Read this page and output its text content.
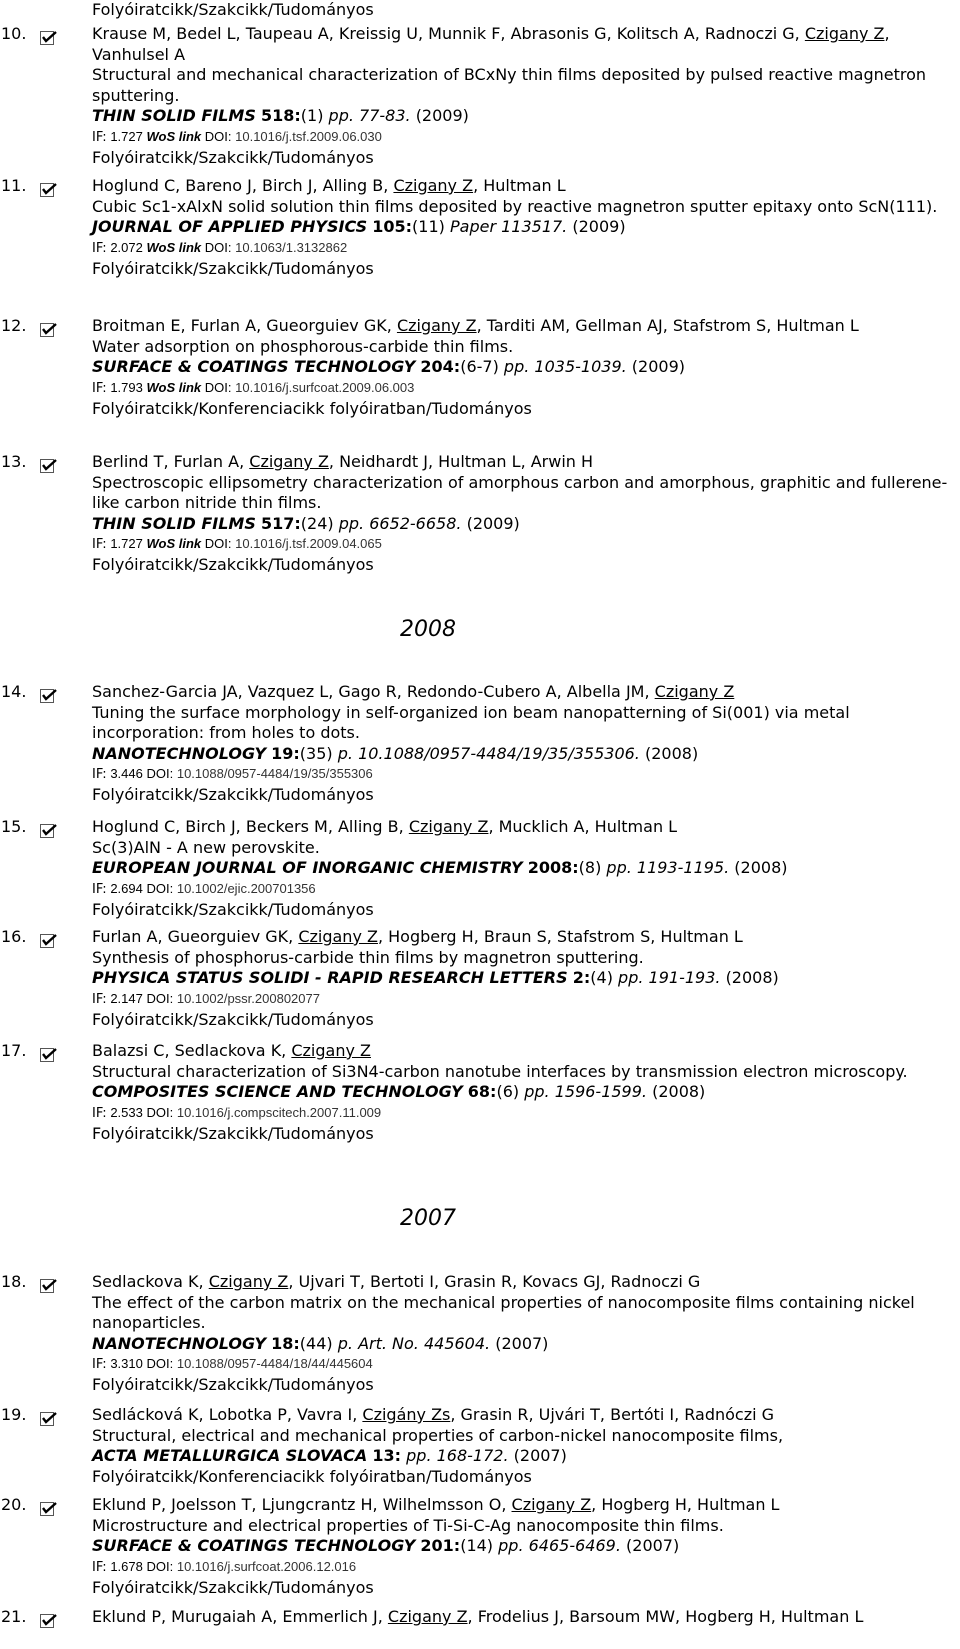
Folyóiratcikk/Szakcikk/Tudományos
10.	Krause M, Bedel L, Taupeau A, Kreissig U, Munnik F, Abrasonis G, Kolitsch A, Radnoczi G, Czigany Z, Vanhulsel A
Structural and mechanical characterization of BCxNy thin films deposited by pulsed reactive magnetron sputtering.
THIN SOLID FILMS 518:(1) pp. 77-83. (2009)
IF: 1.727 WoS link DOI: 10.1016/j.tsf.2009.06.030
Folyóiratcikk/Szakcikk/Tudományos
11.	Hoglund C, Bareno J, Birch J, Alling B, Czigany Z, Hultman L
Cubic Sc1-xAlxN solid solution thin films deposited by reactive magnetron sputter epitaxy onto ScN(111).
JOURNAL OF APPLIED PHYSICS 105:(11) Paper 113517. (2009)
IF: 2.072 WoS link DOI: 10.1063/1.3132862
Folyóiratcikk/Szakcikk/Tudományos
12.	Broitman E, Furlan A, Gueorguiev GK, Czigany Z, Tarditi AM, Gellman AJ, Stafstrom S, Hultman L
Water adsorption on phosphorous-carbide thin films.
SURFACE & COATINGS TECHNOLOGY 204:(6-7) pp. 1035-1039. (2009)
IF: 1.793 WoS link DOI: 10.1016/j.surfcoat.2009.06.003
Folyóiratcikk/Konferenciacikk folyóiratban/Tudományos
13.	Berlind T, Furlan A, Czigany Z, Neidhardt J, Hultman L, Arwin H
Spectroscopic ellipsometry characterization of amorphous carbon and amorphous, graphitic and fullerene-like carbon nitride thin films.
THIN SOLID FILMS 517:(24) pp. 6652-6658. (2009)
IF: 1.727 WoS link DOI: 10.1016/j.tsf.2009.04.065
Folyóiratcikk/Szakcikk/Tudományos
2008
14.	Sanchez-Garcia JA, Vazquez L, Gago R, Redondo-Cubero A, Albella JM, Czigany Z
Tuning the surface morphology in self-organized ion beam nanopatterning of Si(001) via metal incorporation: from holes to dots.
NANOTECHNOLOGY 19:(35) p. 10.1088/0957-4484/19/35/355306. (2008)
IF: 3.446 DOI: 10.1088/0957-4484/19/35/355306
Folyóiratcikk/Szakcikk/Tudományos
15.	Hoglund C, Birch J, Beckers M, Alling B, Czigany Z, Mucklich A, Hultman L
Sc(3)AlN - A new perovskite.
EUROPEAN JOURNAL OF INORGANIC CHEMISTRY 2008:(8) pp. 1193-1195. (2008)
IF: 2.694 DOI: 10.1002/ejic.200701356
Folyóiratcikk/Szakcikk/Tudományos
16.	Furlan A, Gueorguiev GK, Czigany Z, Hogberg H, Braun S, Stafstrom S, Hultman L
Synthesis of phosphorus-carbide thin films by magnetron sputtering.
PHYSICA STATUS SOLIDI - RAPID RESEARCH LETTERS 2:(4) pp. 191-193. (2008)
IF: 2.147 DOI: 10.1002/pssr.200802077
Folyóiratcikk/Szakcikk/Tudományos
17.	Balazsi C, Sedlackova K, Czigany Z
Structural characterization of Si3N4-carbon nanotube interfaces by transmission electron microscopy.
COMPOSITES SCIENCE AND TECHNOLOGY 68:(6) pp. 1596-1599. (2008)
IF: 2.533 DOI: 10.1016/j.compscitech.2007.11.009
Folyóiratcikk/Szakcikk/Tudományos
2007
18.	Sedlackova K, Czigany Z, Ujvari T, Bertoti I, Grasin R, Kovacs GJ, Radnoczi G
The effect of the carbon matrix on the mechanical properties of nanocomposite films containing nickel nanoparticles.
NANOTECHNOLOGY 18:(44) p. Art. No. 445604. (2007)
IF: 3.310 DOI: 10.1088/0957-4484/18/44/445604
Folyóiratcikk/Szakcikk/Tudományos
19.	Sedlácková K, Lobotka P, Vavra I, Czigány Zs, Grasin R, Ujvári T, Bertóti I, Radnóczi G
Structural, electrical and mechanical properties of carbon-nickel nanocomposite films,
ACTA METALLURGICA SLOVACA 13: pp. 168-172. (2007)
Folyóiratcikk/Konferenciacikk folyóiratban/Tudományos
20.	Eklund P, Joelsson T, Ljungcrantz H, Wilhelmsson O, Czigany Z, Hogberg H, Hultman L
Microstructure and electrical properties of Ti-Si-C-Ag nanocomposite thin films.
SURFACE & COATINGS TECHNOLOGY 201:(14) pp. 6465-6469. (2007)
IF: 1.678 DOI: 10.1016/j.surfcoat.2006.12.016
Folyóiratcikk/Szakcikk/Tudományos
21.	Eklund P, Murugaiah A, Emmerlich J, Czigany Z, Frodelius J, Barsoum MW, Hogberg H, Hultman L
